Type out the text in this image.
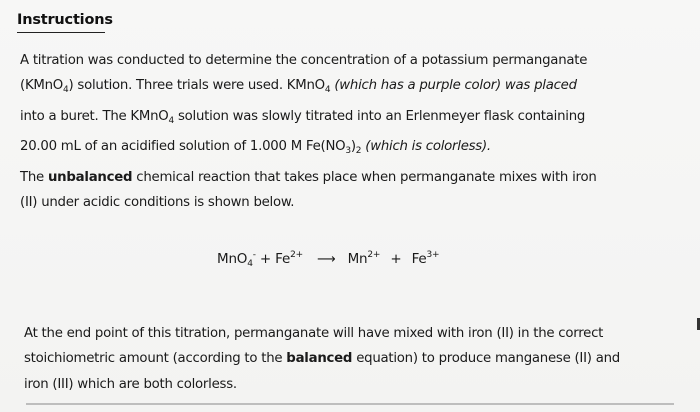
Instructions
A titration was conducted to determine the concentration of a potassium permanganate
(KMnO$_4$) solution. Three trials were used. KMnO$_4$ (which has a purple color) was placed
into a buret. The KMnO$_4$ solution was slowly titrated into an Erlenmeyer flask containing
20.00 mL of an acidified solution of 1.000 M $Fe(NO_3)_2$ (which is colorless).
The unbalanced chemical reaction that takes place when permanganate mixes with iron
(II) under acidic conditions is shown below.
MnO4- + Fe2+ ⟶ Mn2+ + Fe3+
At the end point of this titration, permanganate will have mixed with iron (II) in the correct
stoichiometric amount (according to the balanced equation) to produce manganese (II) and
iron (III) which are both colorless.
